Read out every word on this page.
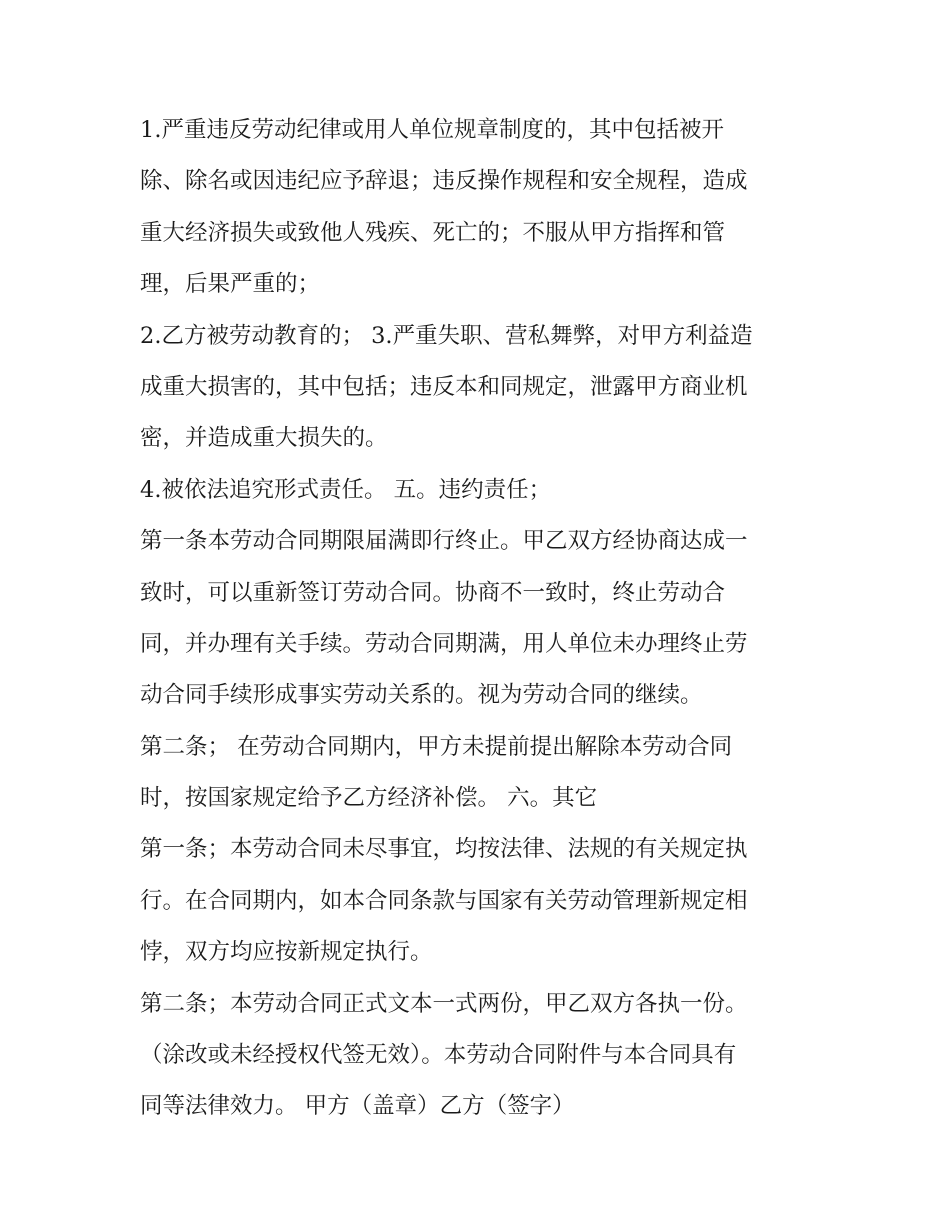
1.严重违反劳动纪律或用人单位规章制度的，其中包括被开
除、除名或因违纪应予辞退；违反操作规程和安全规程，造成
重大经济损失或致他人残疾、死亡的；不服从甲方指挥和管
理，后果严重的；
2.乙方被劳动教育的； 3.严重失职、营私舞弊，对甲方利益造
成重大损害的，其中包括；违反本和同规定，泄露甲方商业机
密，并造成重大损失的。
4.被依法追究形式责任。 五。违约责任；
第一条本劳动合同期限届满即行终止。甲乙双方经协商达成一
致时，可以重新签订劳动合同。协商不一致时，终止劳动合
同，并办理有关手续。劳动合同期满，用人单位未办理终止劳
动合同手续形成事实劳动关系的。视为劳动合同的继续。
第二条； 在劳动合同期内，甲方未提前提出解除本劳动合同
时，按国家规定给予乙方经济补偿。 六。其它
第一条；本劳动合同未尽事宜，均按法律、法规的有关规定执
行。在合同期内，如本合同条款与国家有关劳动管理新规定相
悖，双方均应按新规定执行。
第二条；本劳动合同正式文本一式两份，甲乙双方各执一份。
（涂改或未经授权代签无效）。本劳动合同附件与本合同具有
同等法律效力。 甲方（盖章）乙方（签字）
